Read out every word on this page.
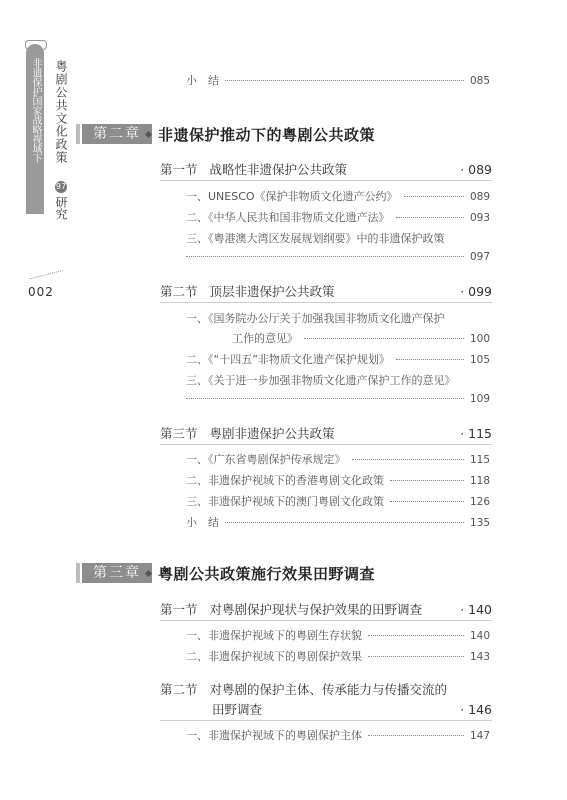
非遗保护国家战略视域下 粤剧公共文化政策
97
研究
002
小　结	085
第二章	非遗保护推动下的粤剧公共政策
第一节 战略性非遗保护公共政策	· 089
一、UNESCO《保护非物质文化遗产公约》	089
二、《中华人民共和国非物质文化遗产法》	093
三、《粤港澳大湾区发展规划纲要》中的非遗保护政策
097
第二节 顶层非遗保护公共政策	· 099
一、《国务院办公厅关于加强我国非物质文化遗产保护
工作的意见》	100
二、《“十四五”非物质文化遗产保护规划》	105
三、《关于进一步加强非物质文化遗产保护工作的意见》
109
第三节 粤剧非遗保护公共政策	· 115
一、《广东省粤剧保护传承规定》	115
二、非遗保护视域下的香港粤剧文化政策	118
三、非遗保护视域下的澳门粤剧文化政策	126
小　结	135
第三章	粤剧公共政策施行效果田野调查
第一节 对粤剧保护现状与保护效果的田野调查	· 140
一、非遗保护视域下的粤剧生存状貌	140
二、非遗保护视域下的粤剧保护效果	143
第二节 对粤剧的保护主体、传承能力与传播交流的
田野调查	· 146
一、非遗保护视域下的粤剧保护主体	147
